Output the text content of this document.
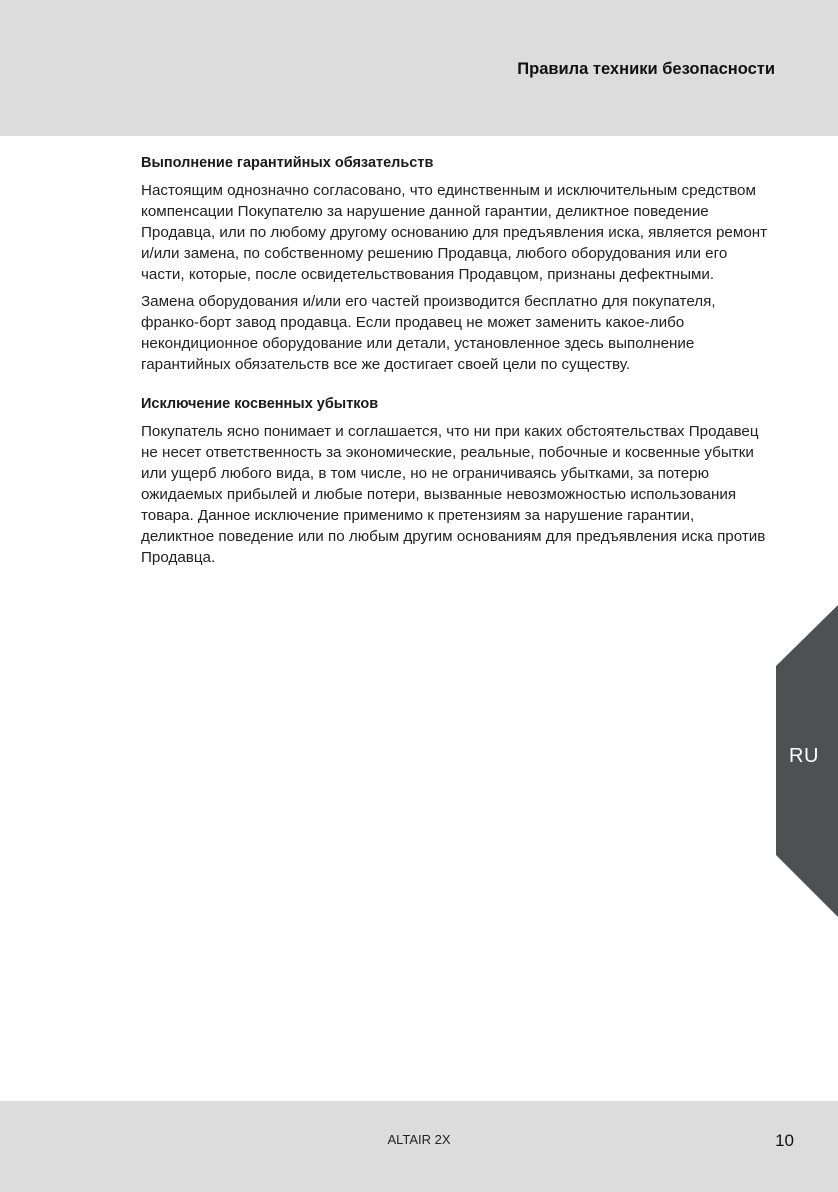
Правила техники безопасности
Выполнение гарантийных обязательств

Настоящим однозначно согласовано, что единственным и исключительным средством компенсации Покупателю за нарушение данной гарантии, деликтное поведение Продавца, или по любому другому основанию для предъявления иска, является ремонт и/или замена, по собственному решению Продавца, любого оборудования или его части, которые, после освидетельствования Продавцом, признаны дефектными.

Замена оборудования и/или его частей производится бесплатно для покупателя, франко-борт завод продавца. Если продавец не может заменить какое-либо некондиционное оборудование или детали, установленное здесь выполнение гарантийных обязательств все же достигает своей цели по существу.

Исключение косвенных убытков

Покупатель ясно понимает и соглашается, что ни при каких обстоятельствах Продавец не несет ответственность за экономические, реальные, побочные и косвенные убытки или ущерб любого вида, в том числе, но не ограничиваясь убытками, за потерю ожидаемых прибылей и любые потери, вызванные невозможностью использования товара. Данное исключение применимо к претензиям за нарушение гарантии, деликтное поведение или по любым другим основаниям для предъявления иска против Продавца.

RU
ALTAIR 2X	10
